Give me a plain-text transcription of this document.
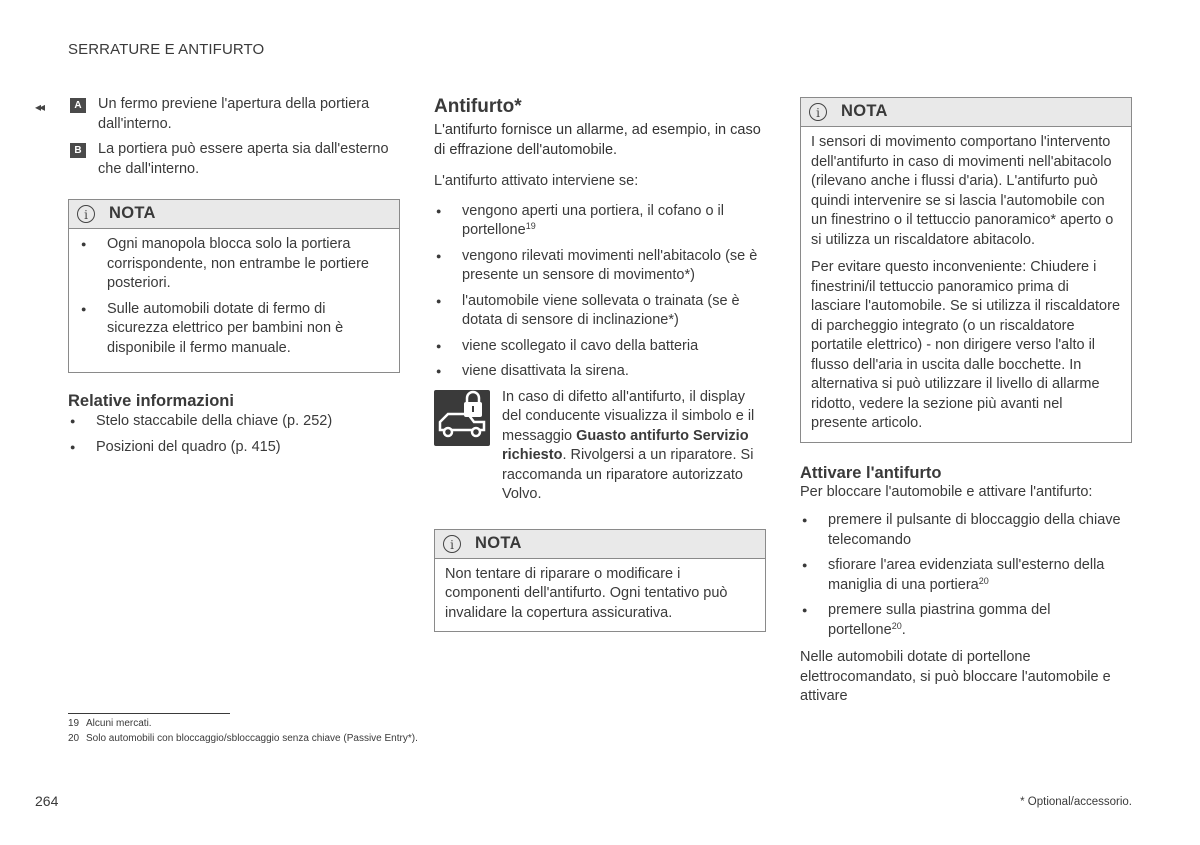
SERRATURE E ANTIFURTO
◂◂	A	Un fermo previene l'apertura della portiera dall'interno.
B	La portiera può essere aperta sia dall'esterno che dall'interno.
i	NOTA
● Ogni manopola blocca solo la portiera corrispondente, non entrambe le portiere posteriori.
● Sulle automobili dotate di fermo di sicurezza elettrico per bambini non è disponibile il fermo manuale.
Relative informazioni
● Stelo staccabile della chiave (p. 252)
● Posizioni del quadro (p. 415)
Antifurto*

L'antifurto fornisce un allarme, ad esempio, in caso di effrazione dell'automobile.

L'antifurto attivato interviene se:

● vengono aperti una portiera, il cofano o il portellone$^{19}$
● vengono rilevati movimenti nell'abitacolo (se è presente un sensore di movimento*)
● l'automobile viene sollevata o trainata (se è dotata di sensore di inclinazione*)
● viene scollegato il cavo della batteria
● viene disattivata la sirena.
In caso di difetto all'antifurto, il display del conducente visualizza il simbolo e il messaggio Guasto antifurto Servizio richiesto. Rivolgersi a un riparatore. Si raccomanda un riparatore autorizzato Volvo.
i	NOTA

Non tentare di riparare o modificare i componenti dell'antifurto. Ogni tentativo può invalidare la copertura assicurativa.

i	NOTA

I sensori di movimento comportano l'intervento dell'antifurto in caso di movimenti nell'abitacolo (rilevano anche i flussi d'aria). L'antifurto può quindi intervenire se si lascia l'automobile con un finestrino o il tettuccio panoramico* aperto o si utilizza un riscaldatore abitacolo.

Per evitare questo inconveniente: Chiudere i finestrini/il tettuccio panoramico prima di lasciare l'automobile. Se si utilizza il riscaldatore di parcheggio integrato (o un riscaldatore portatile elettrico) - non dirigere verso l'alto il flusso dell'aria in uscita dalle bocchette. In alternativa si può utilizzare il livello di allarme ridotto, vedere la sezione più avanti nel presente articolo.

Attivare l'antifurto

Per bloccare l'automobile e attivare l'antifurto:

● premere il pulsante di bloccaggio della chiave telecomando
● sfiorare l'area evidenziata sull'esterno della maniglia di una portiera$^{20}$
● premere sulla piastrina gomma del portellone$^{20}$.

Nelle automobili dotate di portellone elettrocomandato, si può bloccare l'automobile e attivare

19 Alcuni mercati.
20 Solo automobili con bloccaggio/sbloccaggio senza chiave (Passive Entry*).
264	* Optional/accessorio.
